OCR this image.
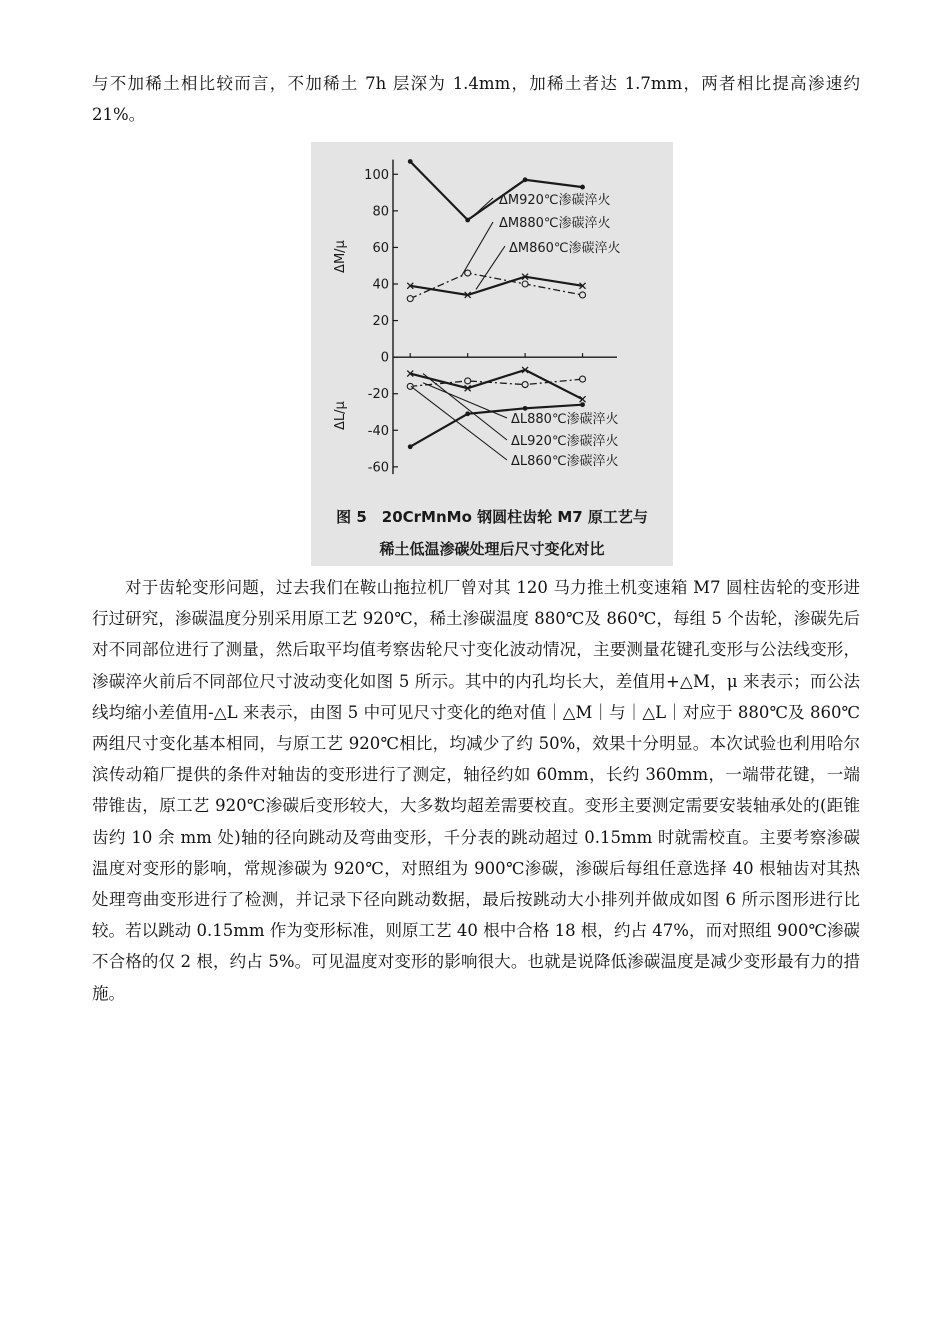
与不加稀土相比较而言，不加稀土 7h 层深为 1.4mm，加稀土者达 1.7mm，两者相比提高渗速约 21%。

100
80
60
40
20
0
-20
-40
-60
ΔM/μ
ΔL/μ
ΔM920℃渗碳淬火
ΔM880℃渗碳淬火
ΔM860℃渗碳淬火
ΔL880℃渗碳淬火
ΔL920℃渗碳淬火
ΔL860℃渗碳淬火
图 5　20CrMnMo 钢圆柱齿轮 M7 原工艺与
稀土低温渗碳处理后尺寸变化对比

对于齿轮变形问题，过去我们在鞍山拖拉机厂曾对其 120 马力推土机变速箱 M7 圆柱齿轮的变形进行过研究，渗碳温度分别采用原工艺 920℃，稀土渗碳温度 880℃及 860℃，每组 5 个齿轮，渗碳先后对不同部位进行了测量，然后取平均值考察齿轮尺寸变化波动情况，主要测量花键孔变形与公法线变形，渗碳淬火前后不同部位尺寸波动变化如图 5 所示。其中的内孔均长大，差值用+△M，μ 来表示；而公法线均缩小差值用-△L 来表示，由图 5 中可见尺寸变化的绝对值｜△M｜与｜△L｜对应于 880℃及 860℃两组尺寸变化基本相同，与原工艺 920℃相比，均减少了约 50%，效果十分明显。本次试验也利用哈尔滨传动箱厂提供的条件对轴齿的变形进行了测定，轴径约如 60mm，长约 360mm，一端带花键，一端带锥齿，原工艺 920℃渗碳后变形较大，大多数均超差需要校直。变形主要测定需要安装轴承处的(距锥齿约 10 余 mm 处)轴的径向跳动及弯曲变形，千分表的跳动超过 0.15mm 时就需校直。主要考察渗碳温度对变形的影响，常规渗碳为 920℃，对照组为 900℃渗碳，渗碳后每组任意选择 40 根轴齿对其热处理弯曲变形进行了检测，并记录下径向跳动数据，最后按跳动大小排列并做成如图 6 所示图形进行比较。若以跳动 0.15mm 作为变形标准，则原工艺 40 根中合格 18 根，约占 47%，而对照组 900℃渗碳不合格的仅 2 根，约占 5%。可见温度对变形的影响很大。也就是说降低渗碳温度是减少变形最有力的措施。
